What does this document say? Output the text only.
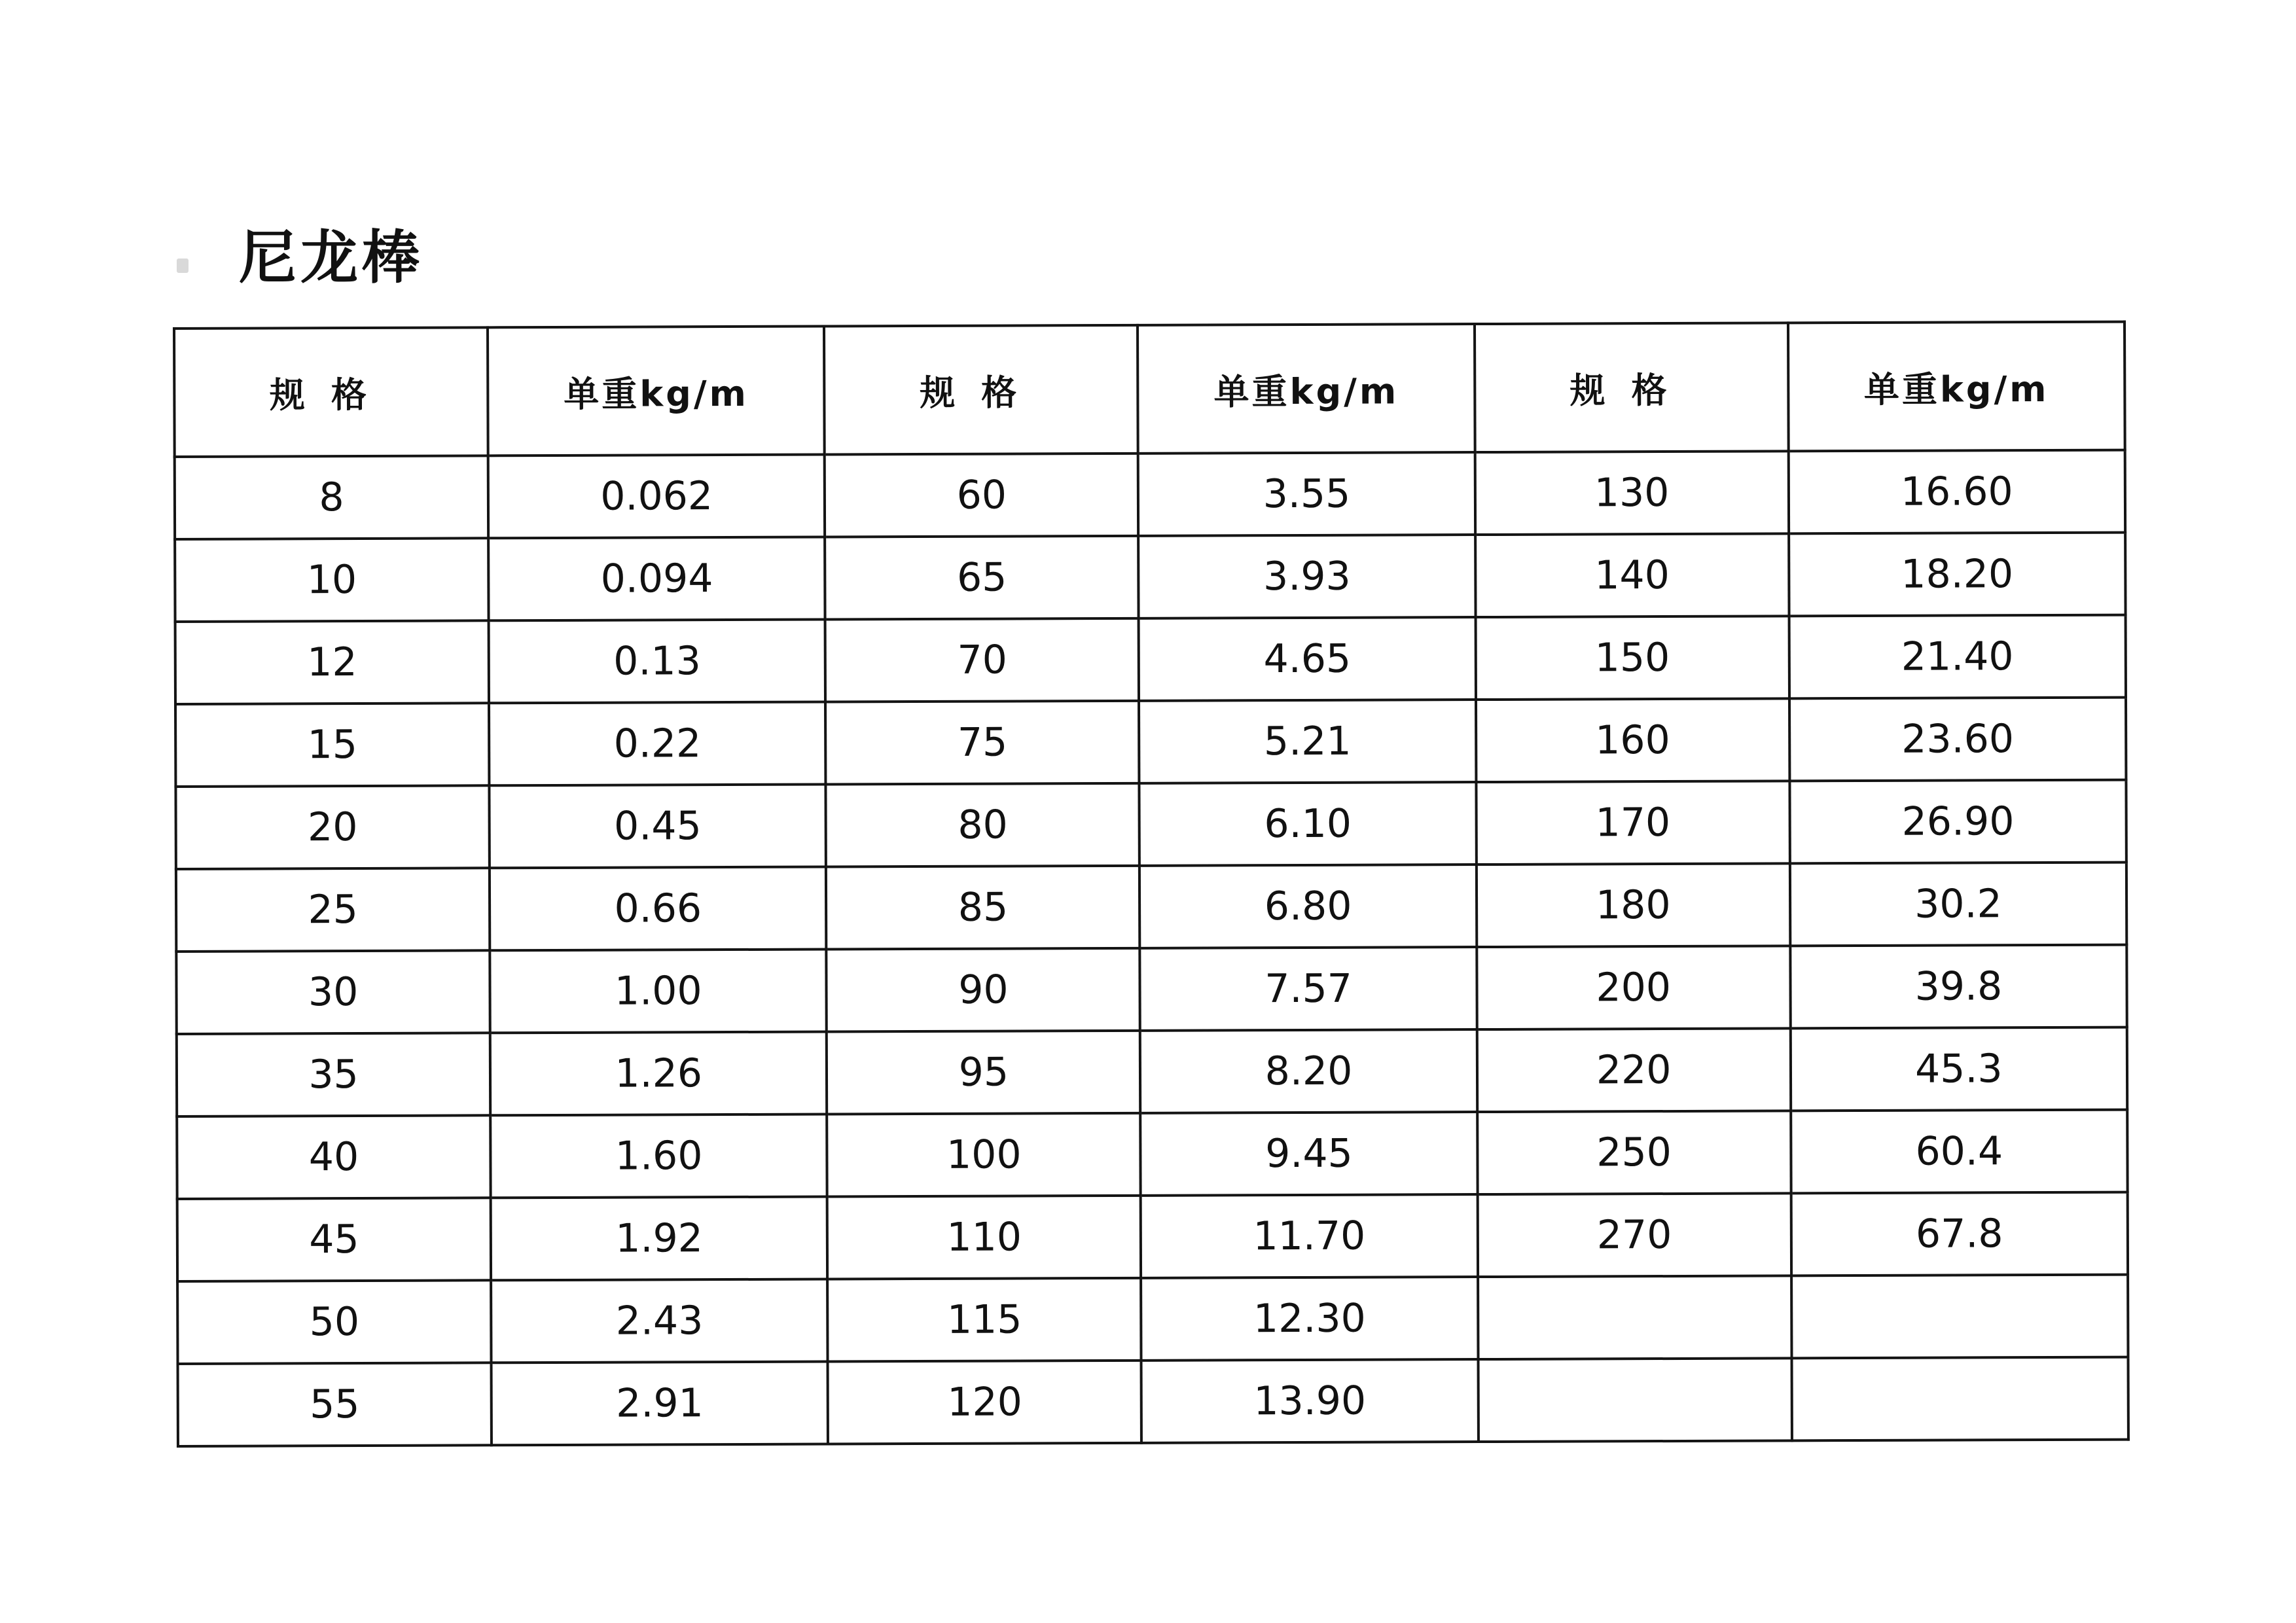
尼龙棒
规格	单重kg/m	规格	单重kg/m	规格	单重kg/m
8	0.062	60	3.55	130	16.60
10	0.094	65	3.93	140	18.20
12	0.13	70	4.65	150	21.40
15	0.22	75	5.21	160	23.60
20	0.45	80	6.10	170	26.90
25	0.66	85	6.80	180	30.2
30	1.00	90	7.57	200	39.8
35	1.26	95	8.20	220	45.3
40	1.60	100	9.45	250	60.4
45	1.92	110	11.70	270	67.8
50	2.43	115	12.30		
55	2.91	120	13.90		
